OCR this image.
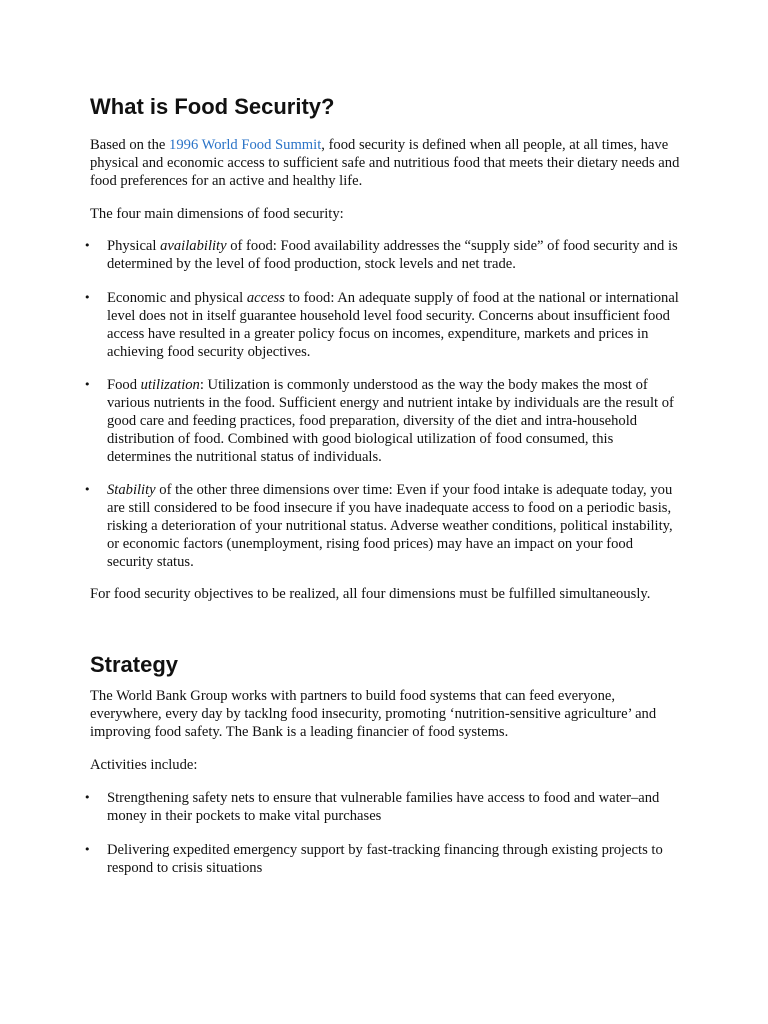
What is Food Security?

Based on the 1996 World Food Summit, food security is defined when all people, at all times, have physical and economic access to sufficient safe and nutritious food that meets their dietary needs and food preferences for an active and healthy life.

The four main dimensions of food security:

• Physical availability of food: Food availability addresses the “supply side” of food security and is determined by the level of food production, stock levels and net trade.
• Economic and physical access to food: An adequate supply of food at the national or international level does not in itself guarantee household level food security. Concerns about insufficient food access have resulted in a greater policy focus on incomes, expenditure, markets and prices in achieving food security objectives.
• Food utilization: Utilization is commonly understood as the way the body makes the most of various nutrients in the food. Sufficient energy and nutrient intake by individuals are the result of good care and feeding practices, food preparation, diversity of the diet and intra-household distribution of food. Combined with good biological utilization of food consumed, this determines the nutritional status of individuals.
• Stability of the other three dimensions over time: Even if your food intake is adequate today, you are still considered to be food insecure if you have inadequate access to food on a periodic basis, risking a deterioration of your nutritional status. Adverse weather conditions, political instability, or economic factors (unemployment, rising food prices) may have an impact on your food security status.

For food security objectives to be realized, all four dimensions must be fulfilled simultaneously.

Strategy

The World Bank Group works with partners to build food systems that can feed everyone, everywhere, every day by tacklng food insecurity, promoting ‘nutrition-sensitive agriculture’ and improving food safety. The Bank is a leading financier of food systems.

Activities include:

• Strengthening safety nets to ensure that vulnerable families have access to food and water–and money in their pockets to make vital purchases
• Delivering expedited emergency support by fast-tracking financing through existing projects to respond to crisis situations
